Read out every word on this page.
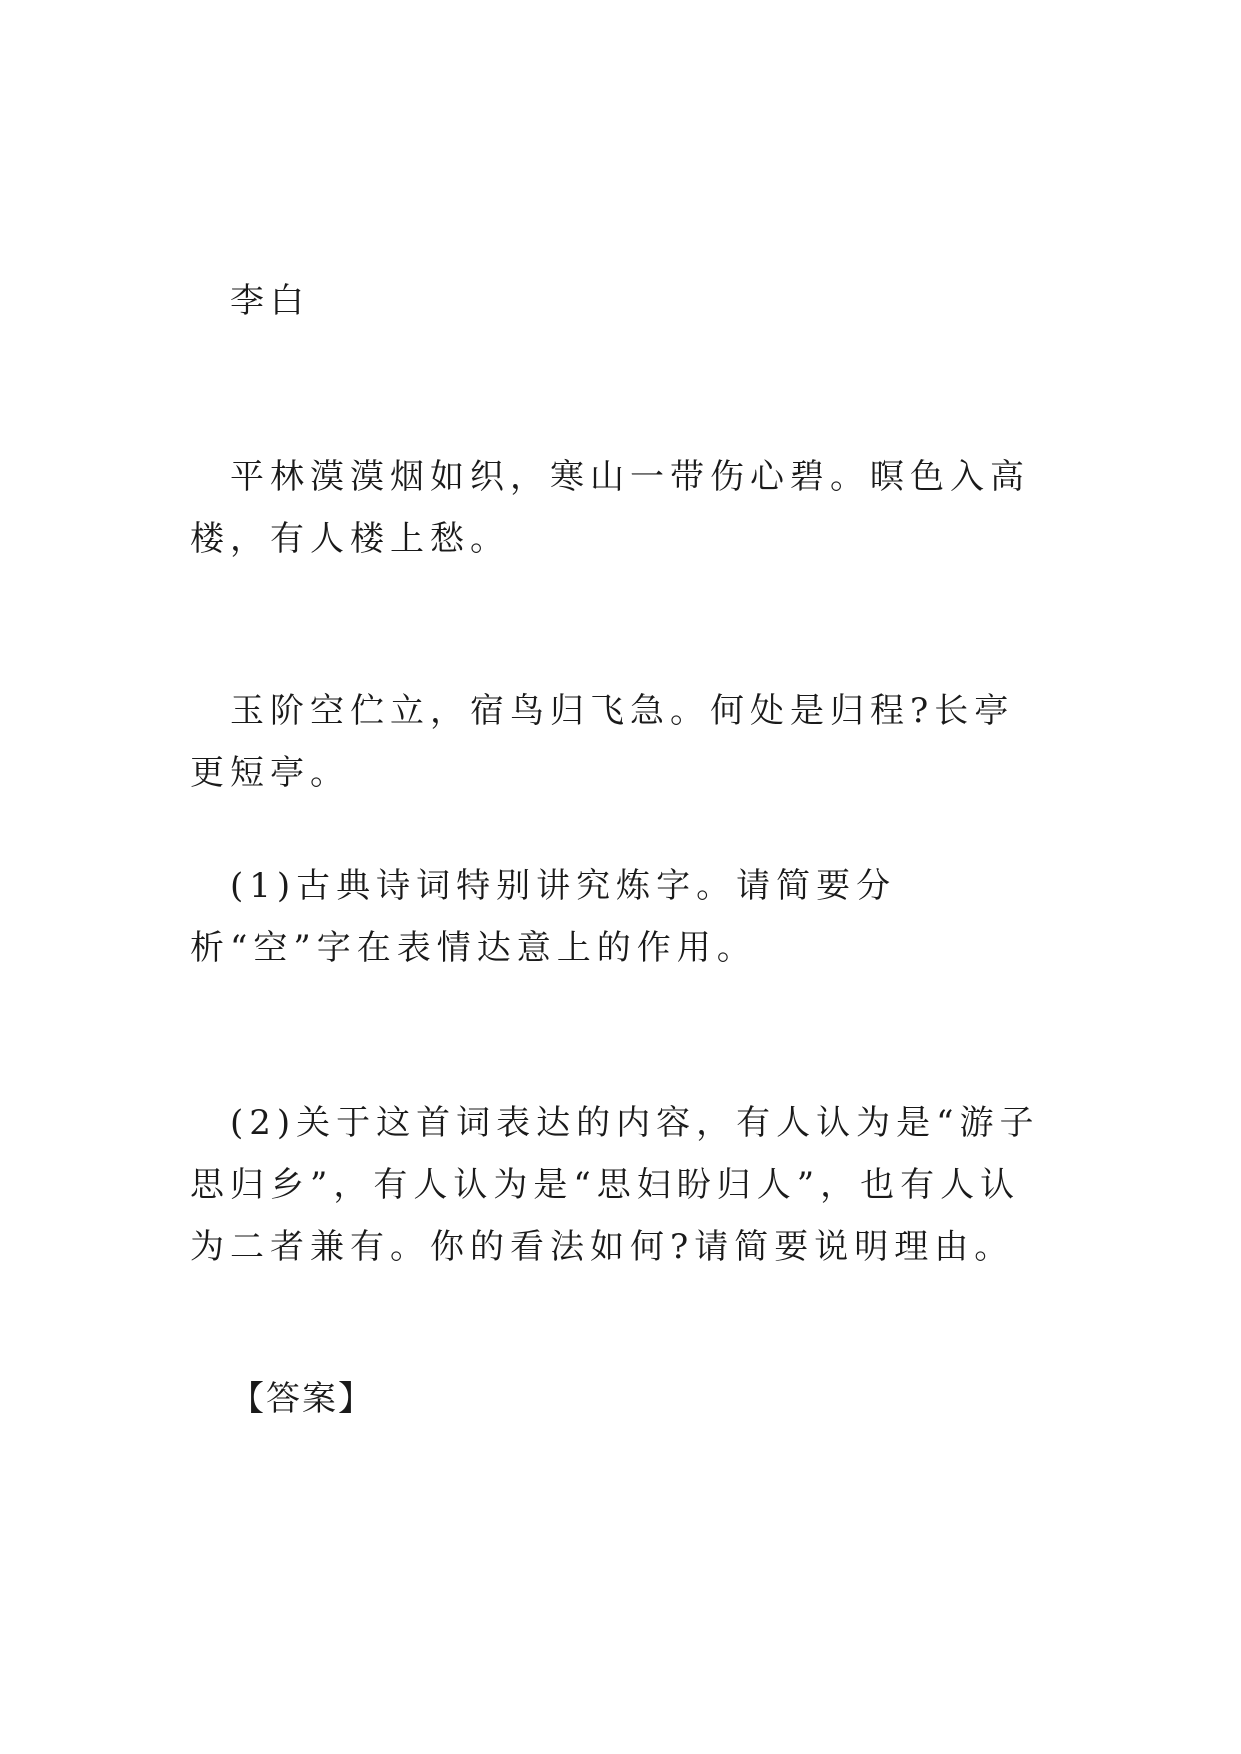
李白

平林漠漠烟如织，寒山一带伤心碧。暝色入高楼，有人楼上愁。

玉阶空伫立，宿鸟归飞急。何处是归程?长亭更短亭。

(1)古典诗词特别讲究炼字。请简要分析“空”字在表情达意上的作用。

(2)关于这首词表达的内容，有人认为是“游子思归乡”，有人认为是“思妇盼归人”，也有人认为二者兼有。你的看法如何?请简要说明理由。

【答案】
